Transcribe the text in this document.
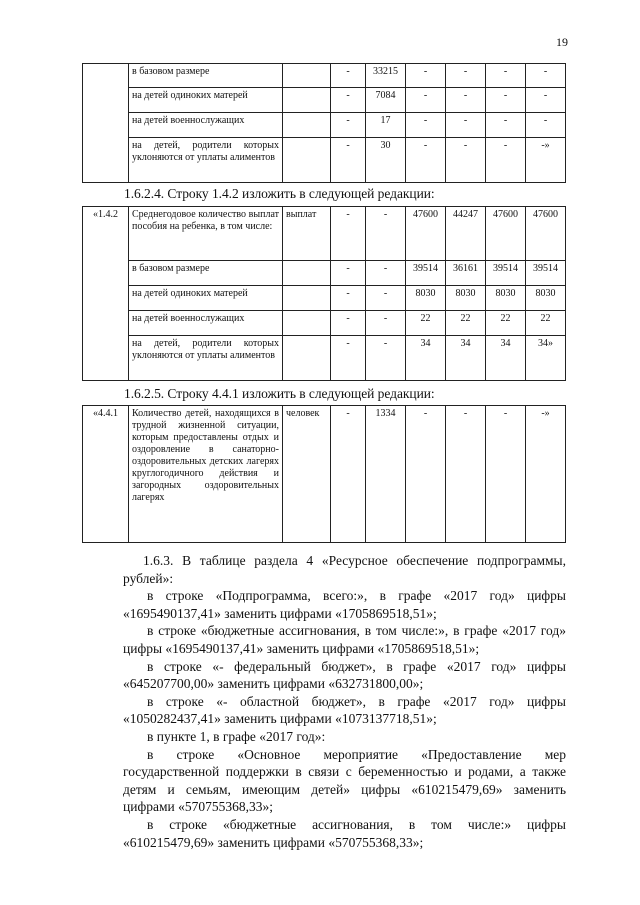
19
	в базовом размере		-	33215	-	-	-	-
	на детей одиноких матерей		-	7084	-	-	-	-
	на детей военнослужащих		-	17	-	-	-	-
	на детей, родители которых уклоняются от уплаты алиментов		-	30	-	-	-	-»
1.6.2.4. Строку 1.4.2 изложить в следующей редакции:
«1.4.2	Среднегодовое количество выплат пособия на ребенка, в том числе:	выплат	-	-	47600	44247	47600	47600
	в базовом размере		-	-	39514	36161	39514	39514
	на детей одиноких матерей		-	-	8030	8030	8030	8030
	на детей военнослужащих		-	-	22	22	22	22
	на детей, родители которых уклоняются от уплаты алиментов		-	-	34	34	34	34»
1.6.2.5. Строку 4.4.1 изложить в следующей редакции:
«4.4.1	Количество детей, находящихся в трудной жизненной ситуации, которым предоставлены отдых и оздоровление в санаторно-оздоровительных детских лагерях круглогодичного действия и загородных оздоровительных лагерях	человек	-	1334	-	-	-	-»

1.6.3. В таблице раздела 4 «Ресурсное обеспечение подпрограммы, рублей»:

в строке «Подпрограмма, всего:», в графе «2017 год» цифры «1695490137,41» заменить цифрами «1705869518,51»;

в строке «бюджетные ассигнования, в том числе:», в графе «2017 год» цифры «1695490137,41» заменить цифрами «1705869518,51»;

в строке «- федеральный бюджет», в графе «2017 год» цифры «645207700,00» заменить цифрами «632731800,00»;

в строке «- областной бюджет», в графе «2017 год» цифры «1050282437,41» заменить цифрами «1073137718,51»;

в пункте 1, в графе «2017 год»:

в строке «Основное мероприятие «Предоставление мер государственной поддержки в связи с беременностью и родами, а также детям и семьям, имеющим детей» цифры «610215479,69» заменить цифрами «570755368,33»;

в строке «бюджетные ассигнования, в том числе:» цифры «610215479,69» заменить цифрами «570755368,33»;
